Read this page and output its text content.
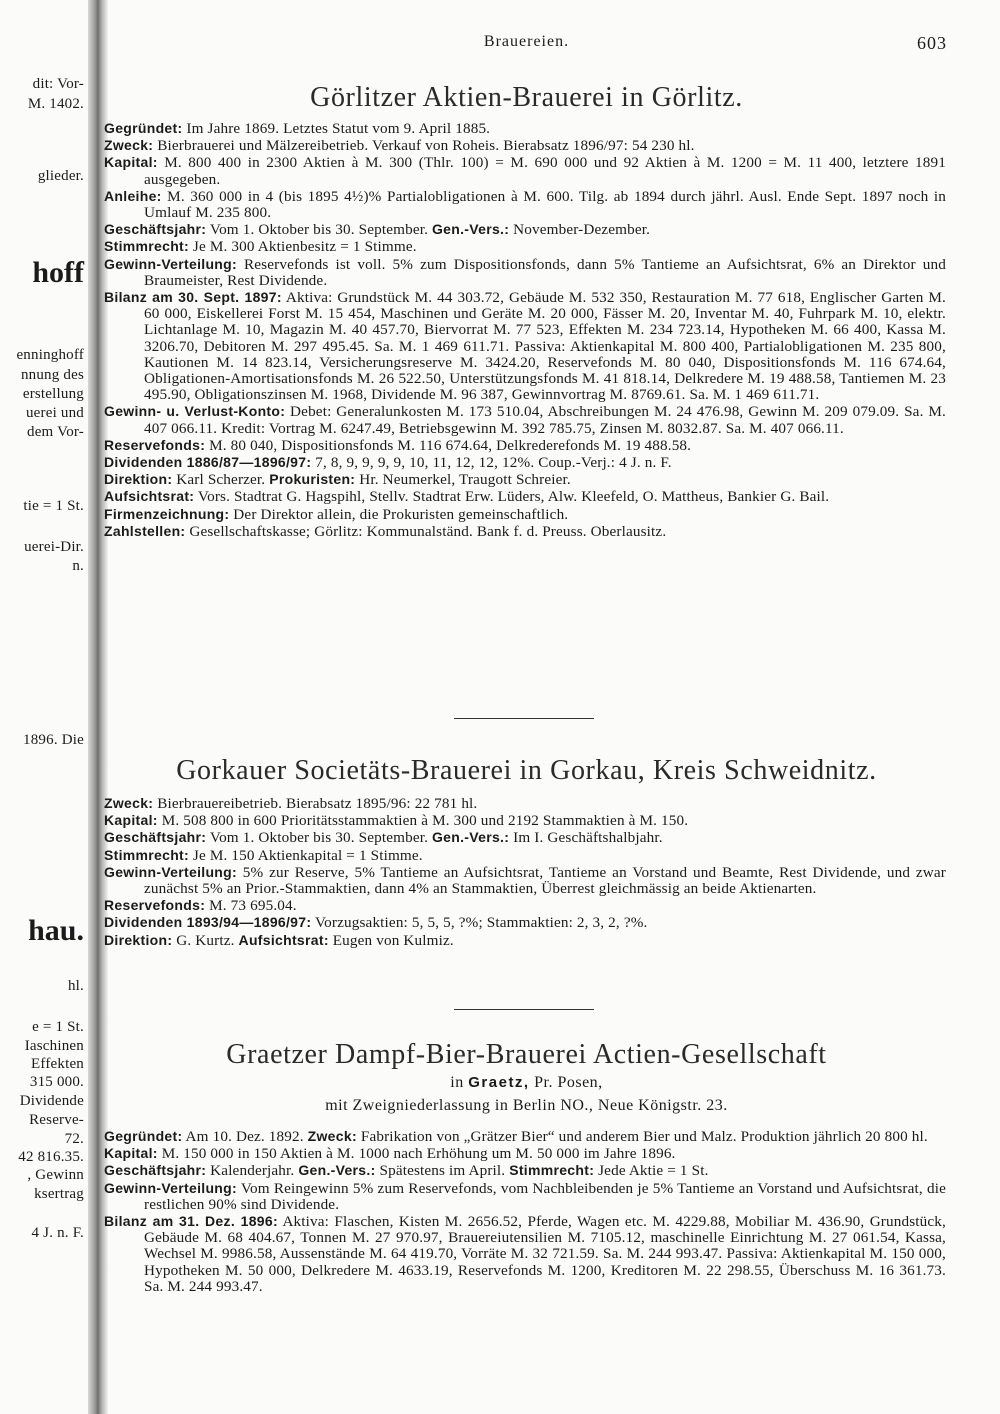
dit: Vor-
M. 1402.
glieder.
hoff
enninghoff
nnung des
erstellung
uerei und
dem Vor-
tie = 1 St.
uerei-Dir.
n.
1896. Die
hau.
hl.
e = 1 St.
Iaschinen
Effekten
315 000.
Dividende
Reserve-
72.
42 816.35.
, Gewinn
ksertrag
4 J. n. F.
Brauereien.	603
Görlitzer Aktien-Brauerei in Görlitz.

Gegründet: Im Jahre 1869. Letztes Statut vom 9. April 1885.

Zweck: Bierbrauerei und Mälzereibetrieb. Verkauf von Roheis. Bierabsatz 1896/97: 54 230 hl.

Kapital: M. 800 400 in 2300 Aktien à M. 300 (Thlr. 100) = M. 690 000 und 92 Aktien à M. 1200 = M. 11 400, letztere 1891 ausgegeben.

Anleihe: M. 360 000 in 4 (bis 1895 4½)% Partialobligationen à M. 600. Tilg. ab 1894 durch jährl. Ausl. Ende Sept. 1897 noch in Umlauf M. 235 800.

Geschäftsjahr: Vom 1. Oktober bis 30. September. Gen.-Vers.: November-Dezember.

Stimmrecht: Je M. 300 Aktienbesitz = 1 Stimme.

Gewinn-Verteilung: Reservefonds ist voll. 5% zum Dispositionsfonds, dann 5% Tantieme an Aufsichtsrat, 6% an Direktor und Braumeister, Rest Dividende.

Bilanz am 30. Sept. 1897: Aktiva: Grundstück M. 44 303.72, Gebäude M. 532 350, Restauration M. 77 618, Englischer Garten M. 60 000, Eiskellerei Forst M. 15 454, Maschinen und Geräte M. 20 000, Fässer M. 20, Inventar M. 40, Fuhrpark M. 10, elektr. Lichtanlage M. 10, Magazin M. 40 457.70, Biervorrat M. 77 523, Effekten M. 234 723.14, Hypotheken M. 66 400, Kassa M. 3206.70, Debitoren M. 297 495.45. Sa. M. 1 469 611.71. Passiva: Aktienkapital M. 800 400, Partialobligationen M. 235 800, Kautionen M. 14 823.14, Versicherungsreserve M. 3424.20, Reservefonds M. 80 040, Dispositionsfonds M. 116 674.64, Obligationen-Amortisationsfonds M. 26 522.50, Unterstützungsfonds M. 41 818.14, Delkredere M. 19 488.58, Tantiemen M. 23 495.90, Obligationszinsen M. 1968, Dividende M. 96 387, Gewinnvortrag M. 8769.61. Sa. M. 1 469 611.71.

Gewinn- u. Verlust-Konto: Debet: Generalunkosten M. 173 510.04, Abschreibungen M. 24 476.98, Gewinn M. 209 079.09. Sa. M. 407 066.11. Kredit: Vortrag M. 6247.49, Betriebsgewinn M. 392 785.75, Zinsen M. 8032.87. Sa. M. 407 066.11.

Reservefonds: M. 80 040, Dispositionsfonds M. 116 674.64, Delkrederefonds M. 19 488.58.

Dividenden 1886/87—1896/97: 7, 8, 9, 9, 9, 9, 10, 11, 12, 12, 12%. Coup.-Verj.: 4 J. n. F.

Direktion: Karl Scherzer. Prokuristen: Hr. Neumerkel, Traugott Schreier.

Aufsichtsrat: Vors. Stadtrat G. Hagspihl, Stellv. Stadtrat Erw. Lüders, Alw. Kleefeld, O. Mattheus, Bankier G. Bail.

Firmenzeichnung: Der Direktor allein, die Prokuristen gemeinschaftlich.

Zahlstellen: Gesellschaftskasse; Görlitz: Kommunalständ. Bank f. d. Preuss. Oberlausitz.

Gorkauer Societäts-Brauerei in Gorkau, Kreis Schweidnitz.

Zweck: Bierbrauereibetrieb. Bierabsatz 1895/96: 22 781 hl.

Kapital: M. 508 800 in 600 Prioritätsstammaktien à M. 300 und 2192 Stammaktien à M. 150.

Geschäftsjahr: Vom 1. Oktober bis 30. September. Gen.-Vers.: Im I. Geschäftshalbjahr.

Stimmrecht: Je M. 150 Aktienkapital = 1 Stimme.

Gewinn-Verteilung: 5% zur Reserve, 5% Tantieme an Aufsichtsrat, Tantieme an Vorstand und Beamte, Rest Dividende, und zwar zunächst 5% an Prior.-Stammaktien, dann 4% an Stammaktien, Überrest gleichmässig an beide Aktienarten.

Reservefonds: M. 73 695.04.

Dividenden 1893/94—1896/97: Vorzugsaktien: 5, 5, 5, ?%; Stammaktien: 2, 3, 2, ?%.

Direktion: G. Kurtz. Aufsichtsrat: Eugen von Kulmiz.

Graetzer Dampf-Bier-Brauerei Actien-Gesellschaft
in Graetz, Pr. Posen,
mit Zweigniederlassung in Berlin NO., Neue Königstr. 23.

Gegründet: Am 10. Dez. 1892. Zweck: Fabrikation von „Grätzer Bier“ und anderem Bier und Malz. Produktion jährlich 20 800 hl.

Kapital: M. 150 000 in 150 Aktien à M. 1000 nach Erhöhung um M. 50 000 im Jahre 1896.

Geschäftsjahr: Kalenderjahr. Gen.-Vers.: Spätestens im April. Stimmrecht: Jede Aktie = 1 St.

Gewinn-Verteilung: Vom Reingewinn 5% zum Reservefonds, vom Nachbleibenden je 5% Tantieme an Vorstand und Aufsichtsrat, die restlichen 90% sind Dividende.

Bilanz am 31. Dez. 1896: Aktiva: Flaschen, Kisten M. 2656.52, Pferde, Wagen etc. M. 4229.88, Mobiliar M. 436.90, Grundstück, Gebäude M. 68 404.67, Tonnen M. 27 970.97, Brauereiutensilien M. 7105.12, maschinelle Einrichtung M. 27 061.54, Kassa, Wechsel M. 9986.58, Aussenstände M. 64 419.70, Vorräte M. 32 721.59. Sa. M. 244 993.47. Passiva: Aktienkapital M. 150 000, Hypotheken M. 50 000, Delkredere M. 4633.19, Reservefonds M. 1200, Kreditoren M. 22 298.55, Überschuss M. 16 361.73. Sa. M. 244 993.47.
